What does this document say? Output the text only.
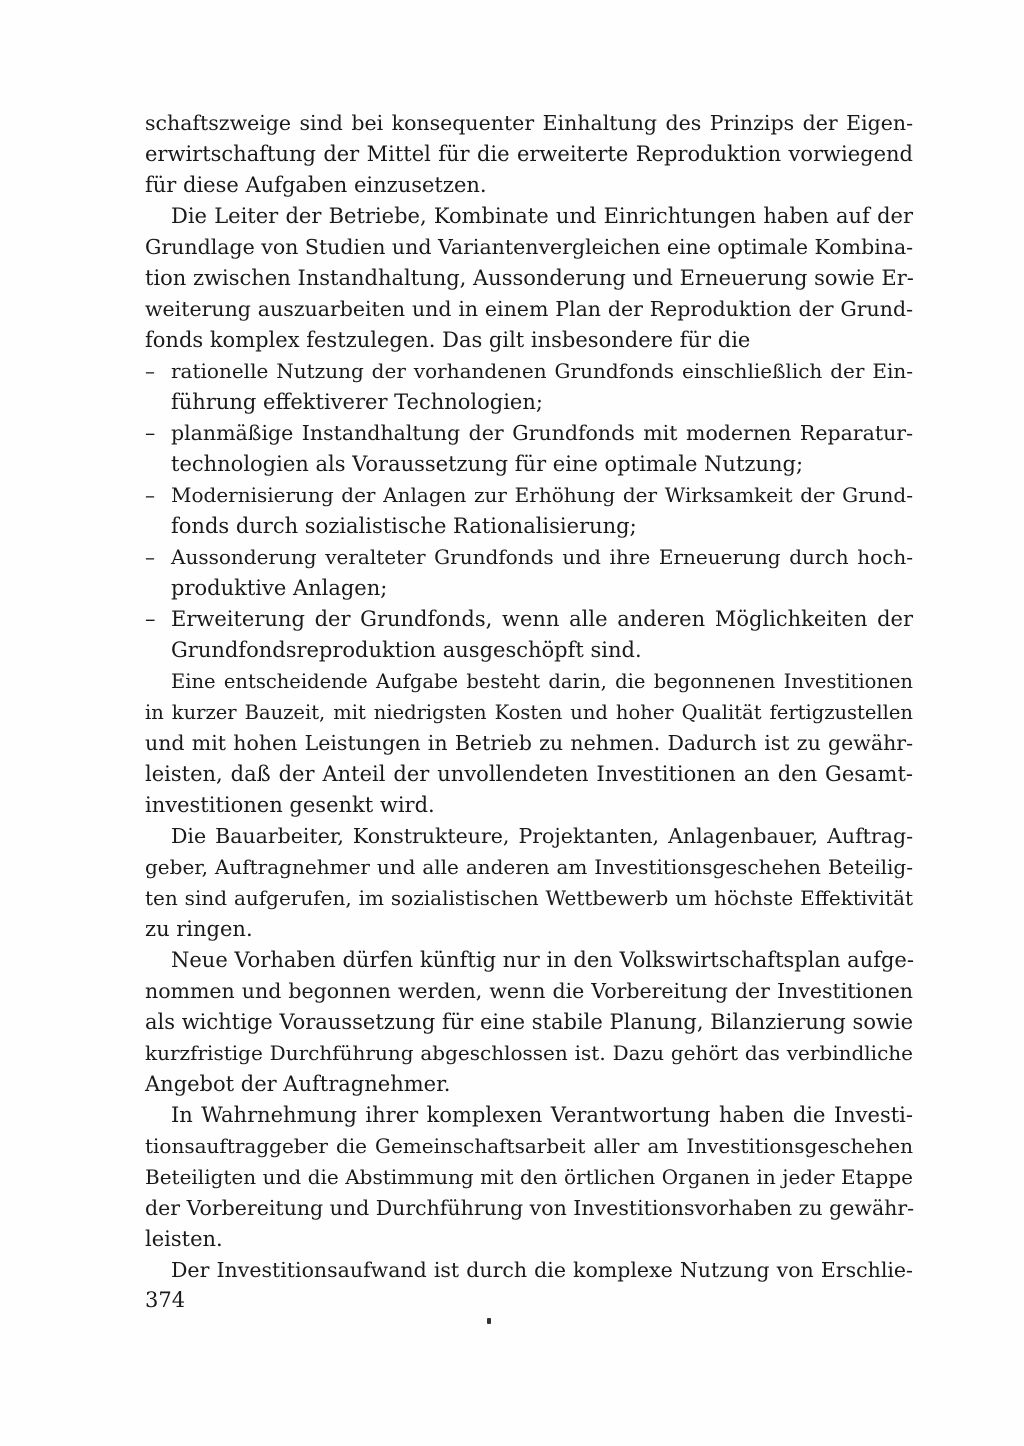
schaftszweige sind bei konsequenter Einhaltung des Prinzips der Eigen-
erwirtschaftung der Mittel für die erweiterte Reproduktion vorwiegend
für diese Aufgaben einzusetzen.
Die Leiter der Betriebe, Kombinate und Einrichtungen haben auf der
Grundlage von Studien und Variantenvergleichen eine optimale Kombina-
tion zwischen Instandhaltung, Aussonderung und Erneuerung sowie Er-
weiterung auszuarbeiten und in einem Plan der Reproduktion der Grund-
fonds komplex festzulegen. Das gilt insbesondere für die
– rationelle Nutzung der vorhandenen Grundfonds einschließlich der Ein-
führung effektiverer Technologien;
– planmäßige Instandhaltung der Grundfonds mit modernen Reparatur-
technologien als Voraussetzung für eine optimale Nutzung;
– Modernisierung der Anlagen zur Erhöhung der Wirksamkeit der Grund-
fonds durch sozialistische Rationalisierung;
– Aussonderung veralteter Grundfonds und ihre Erneuerung durch hoch-
produktive Anlagen;
– Erweiterung der Grundfonds, wenn alle anderen Möglichkeiten der
Grundfondsreproduktion ausgeschöpft sind.
Eine entscheidende Aufgabe besteht darin, die begonnenen Investitionen
in kurzer Bauzeit, mit niedrigsten Kosten und hoher Qualität fertigzustellen
und mit hohen Leistungen in Betrieb zu nehmen. Dadurch ist zu gewähr-
leisten, daß der Anteil der unvollendeten Investitionen an den Gesamt-
investitionen gesenkt wird.
Die Bauarbeiter, Konstrukteure, Projektanten, Anlagenbauer, Auftrag-
geber, Auftragnehmer und alle anderen am Investitionsgeschehen Beteilig-
ten sind aufgerufen, im sozialistischen Wettbewerb um höchste Effektivität
zu ringen.
Neue Vorhaben dürfen künftig nur in den Volkswirtschaftsplan aufge-
nommen und begonnen werden, wenn die Vorbereitung der Investitionen
als wichtige Voraussetzung für eine stabile Planung, Bilanzierung sowie
kurzfristige Durchführung abgeschlossen ist. Dazu gehört das verbindliche
Angebot der Auftragnehmer.
In Wahrnehmung ihrer komplexen Verantwortung haben die Investi-
tionsauftraggeber die Gemeinschaftsarbeit aller am Investitionsgeschehen
Beteiligten und die Abstimmung mit den örtlichen Organen in jeder Etappe
der Vorbereitung und Durchführung von Investitionsvorhaben zu gewähr-
leisten.
Der Investitionsaufwand ist durch die komplexe Nutzung von Erschlie-
374
